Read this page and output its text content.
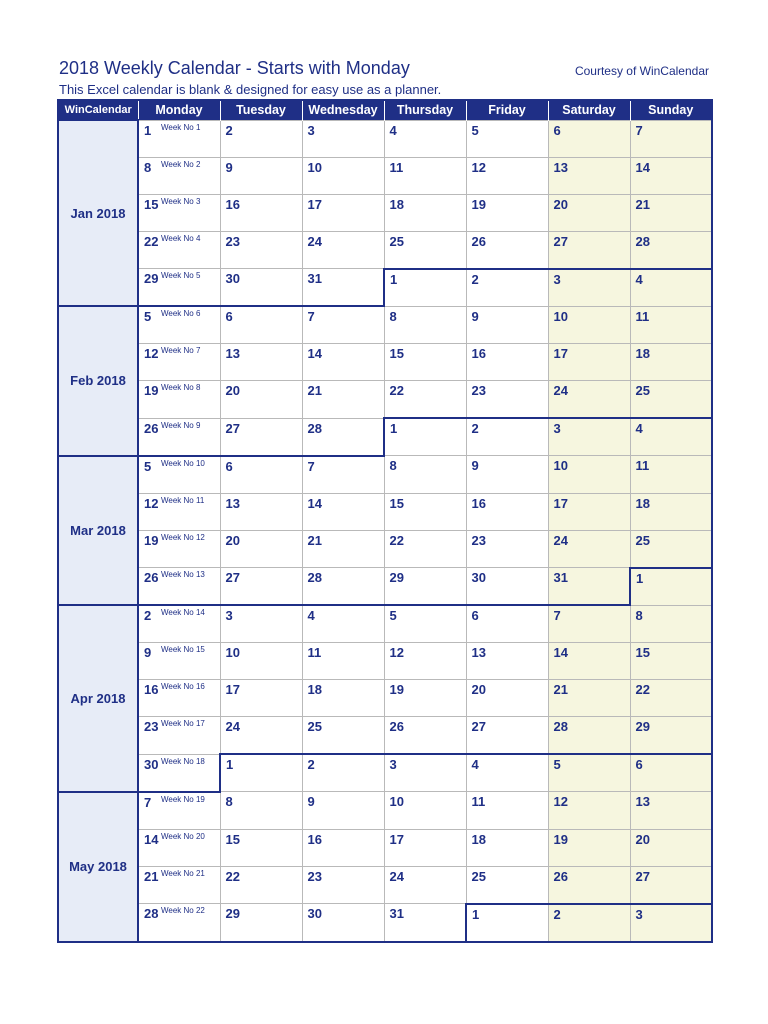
2018 Weekly Calendar - Starts with Monday
This Excel calendar is blank & designed for easy use as a planner.
Courtesy of WinCalendar
WinCalendar	Monday	Tuesday	Wednesday	Thursday	Friday	Saturday	Sunday
Jan 2018	1 Week No 1	2	3	4	5	6	7

	8 Week No 2	9	10	11	12	13	14

	15 Week No 3	16	17	18	19	20	21

	22 Week No 4	23	24	25	26	27	28

	29 Week No 5	30	31	1	2	3	4

Feb 2018	5 Week No 6	6	7	8	9	10	11

	12 Week No 7	13	14	15	16	17	18

	19 Week No 8	20	21	22	23	24	25

	26 Week No 9	27	28	1	2	3	4

Mar 2018	5 Week No 10	6	7	8	9	10	11

	12 Week No 11	13	14	15	16	17	18

	19 Week No 12	20	21	22	23	24	25

	26 Week No 13	27	28	29	30	31	1

Apr 2018	2 Week No 14	3	4	5	6	7	8

	9 Week No 15	10	11	12	13	14	15

	16 Week No 16	17	18	19	20	21	22

	23 Week No 17	24	25	26	27	28	29

	30 Week No 18	1	2	3	4	5	6

May 2018	7 Week No 19	8	9	10	11	12	13

	14 Week No 20	15	16	17	18	19	20

	21 Week No 21	22	23	24	25	26	27

	28 Week No 22	29	30	31	1	2	3
